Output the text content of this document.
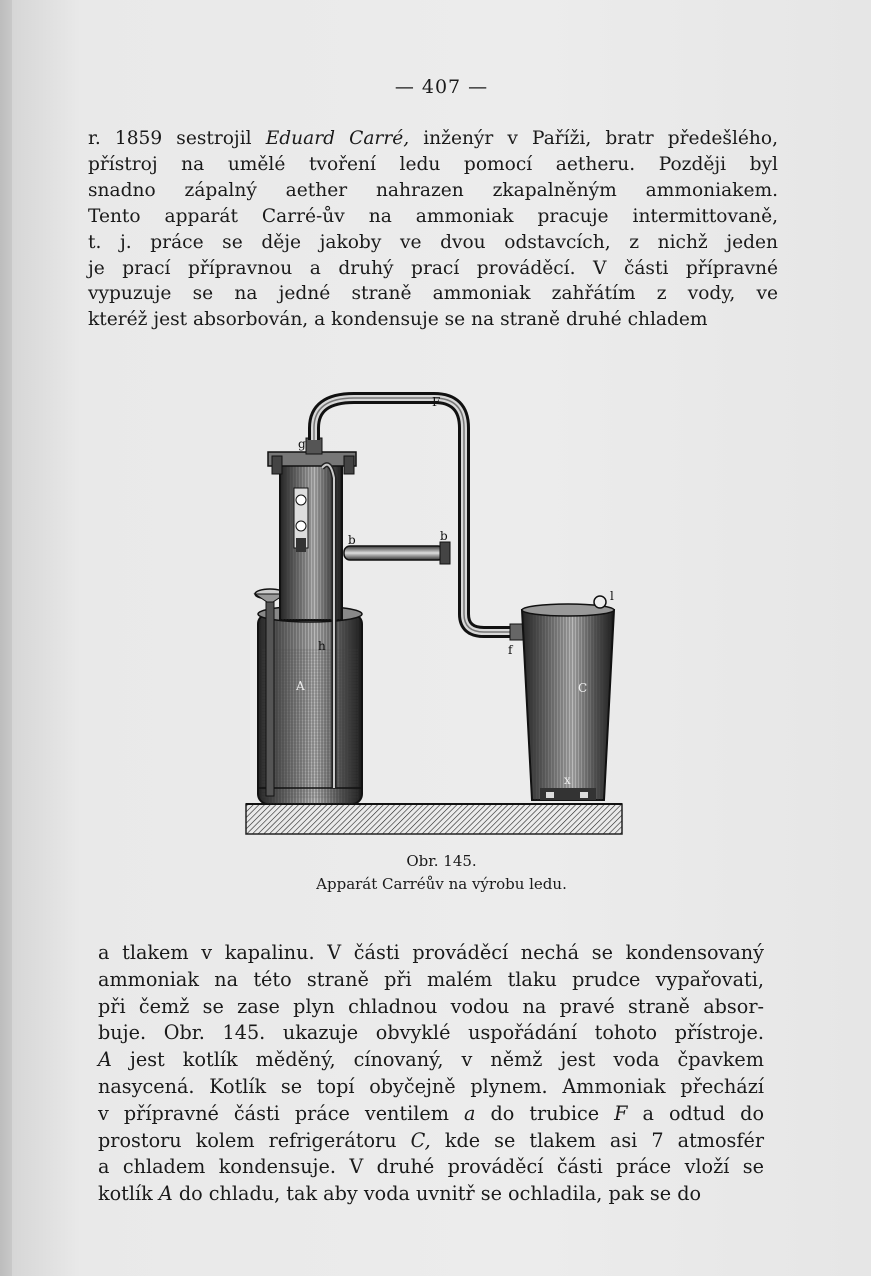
— 407 —

r. 1859 sestrojil Eduard Carré, inženýr v Paříži, bratr předešlého,
přístroj na umělé tvoření ledu pomocí aetheru. Později byl
snadno zápalný aether nahrazen zkapalněným ammoniakem.
Tento apparát Carré-ův na ammoniak pracuje intermittovaně,
t. j. práce se děje jakoby ve dvou odstavcích, z nichž jeden
je prací přípravnou a druhý prací prováděcí. V části přípravné
vypuzuje se na jedné straně ammoniak zahřátím z vody, ve
kteréž jest absorbován, a kondensuje se na straně druhé chladem

F
g
h
b	b
l
f
A	C
x
Obr. 145.
Apparát Carréův na výrobu ledu.

a tlakem v kapalinu. V části prováděcí nechá se kondensovaný
ammoniak na této straně při malém tlaku prudce vypařovati,
při čemž se zase plyn chladnou vodou na pravé straně absor-
buje. Obr. 145. ukazuje obvyklé uspořádání tohoto přístroje.
A jest kotlík měděný, cínovaný, v němž jest voda čpavkem
nasycená. Kotlík se topí obyčejně plynem. Ammoniak přechází
v přípravné části práce ventilem a do trubice F a odtud do
prostoru kolem refrigerátoru C, kde se tlakem asi 7 atmosfér
a chladem kondensuje. V druhé prováděcí části práce vloží se
kotlík A do chladu, tak aby voda uvnitř se ochladila, pak se do
